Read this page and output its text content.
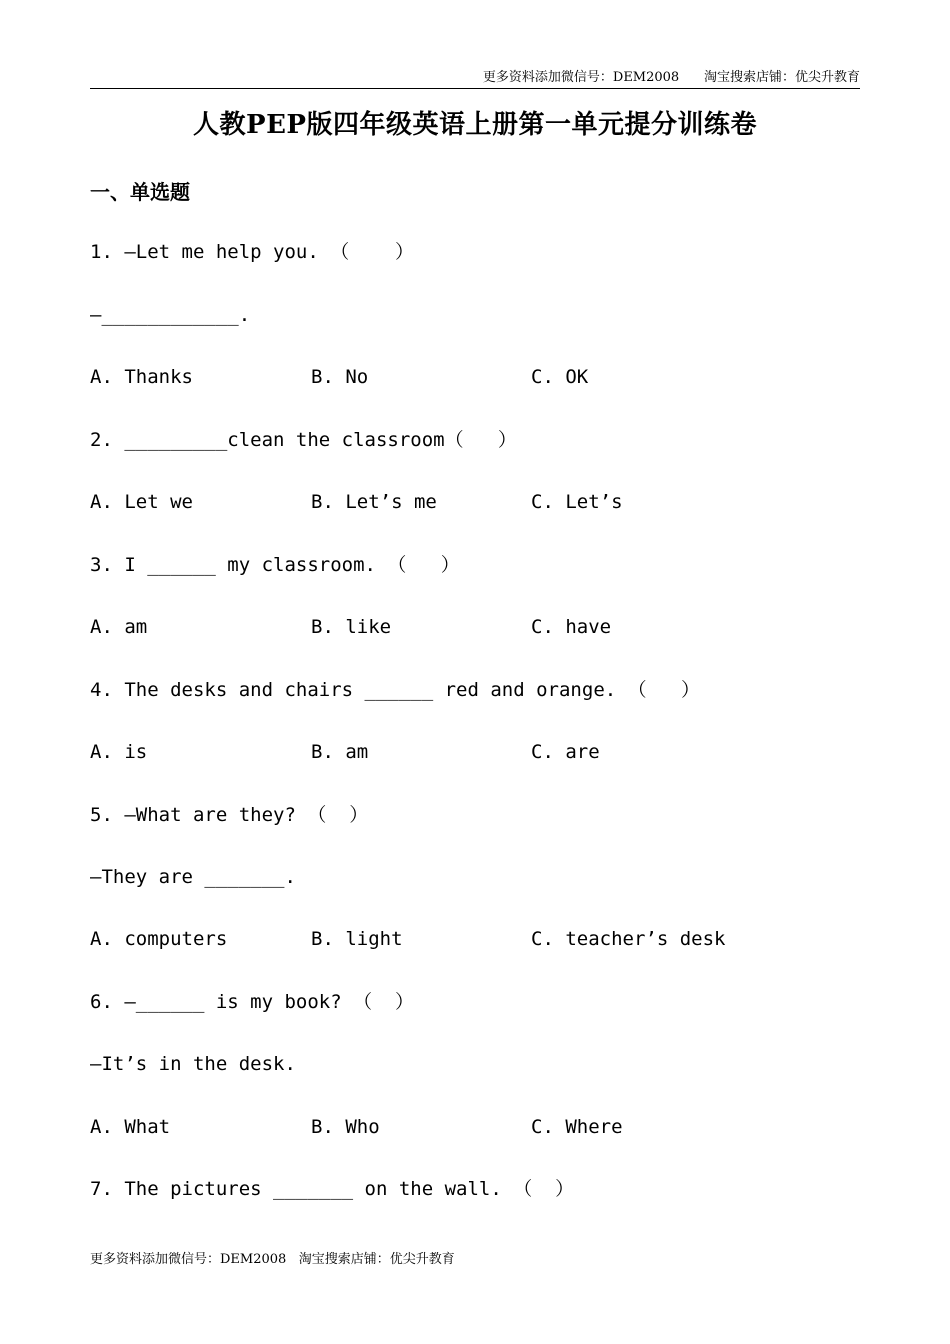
更多资料添加微信号：DEM2008      淘宝搜索店铺：优尖升教育
人教PEP版四年级英语上册第一单元提分训练卷
一、单选题
1. —Let me help you. （    ）
—____________.
A. Thanks	B. No	C. OK
2. _________clean the classroom（   ）
A. Let we	B. Let’s me	C. Let’s
3. I ______ my classroom. （   ）
A. am	B. like	C. have
4. The desks and chairs ______ red and orange. （   ）
A. is	B. am	C. are
5. —What are they? （  ）
—They are _______.
A. computers	B. light	C. teacher’s desk
6. —______ is my book? （  ）
—It’s in the desk.
A. What	B. Who	C. Where
7. The pictures _______ on the wall. （  ）
更多资料添加微信号：DEM2008   淘宝搜索店铺：优尖升教育
